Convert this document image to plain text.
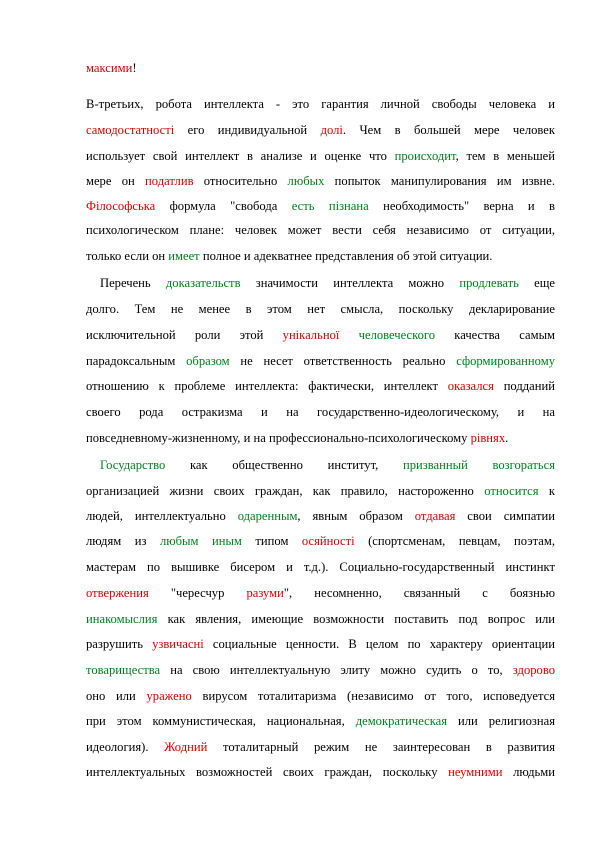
максими!
В-третьих, робота интеллекта - это гарантия личной свободы человека и
самодостатності его индивидуальной долі. Чем в большей мере человек
использует свой интеллект в анализе и оценке что происходит, тем в меньшей
мере он податлив относительно любых попыток манипулирования им извне.
Філософська формула "свобода есть пізнана необходимость" верна и в
психологическом плане: человек может вести себя независимо от ситуации,
только если он имеет полное и адекватнее представления об этой ситуации.
Перечень доказательств значимости интеллекта можно продлевать еще
долго. Тем не менее в этом нет смысла, поскольку декларирование
исключительной роли этой унікальної человеческого качества самым
парадоксальным образом не несет ответственность реально сформированному
отношению к проблеме интеллекта: фактически, интеллект оказался подданий
своего рода остракизма и на государственно-идеологическому, и на
повседневному-жизненному, и на профессионально-психологическому рівнях.
Государство как общественно институт, призванный возгораться
организацией жизни своих граждан, как правило, настороженно относится к
людей, интеллектуально одаренным, явным образом отдавая свои симпатии
людям из любым иным типом осяйності (спортсменам, певцам, поэтам,
мастерам по вышивке бисером и т.д.). Социально-государственный инстинкт
отвержения "чересчур разуми", несомненно, связанный с боязнью
инакомыслия как явления, имеющие возможности поставить под вопрос или
разрушить узвичасні социальные ценности. В целом по характеру ориентации
товарищества на свою интеллектуальную элиту можно судить о то, здорово
оно или уражено вирусом тоталитаризма (независимо от того, исповедуется
при этом коммунистическая, национальная, демократическая или религиозная
идеология). Жодний тоталитарный режим не заинтересован в развития
интеллектуальных возможностей своих граждан, поскольку неумними людьми
